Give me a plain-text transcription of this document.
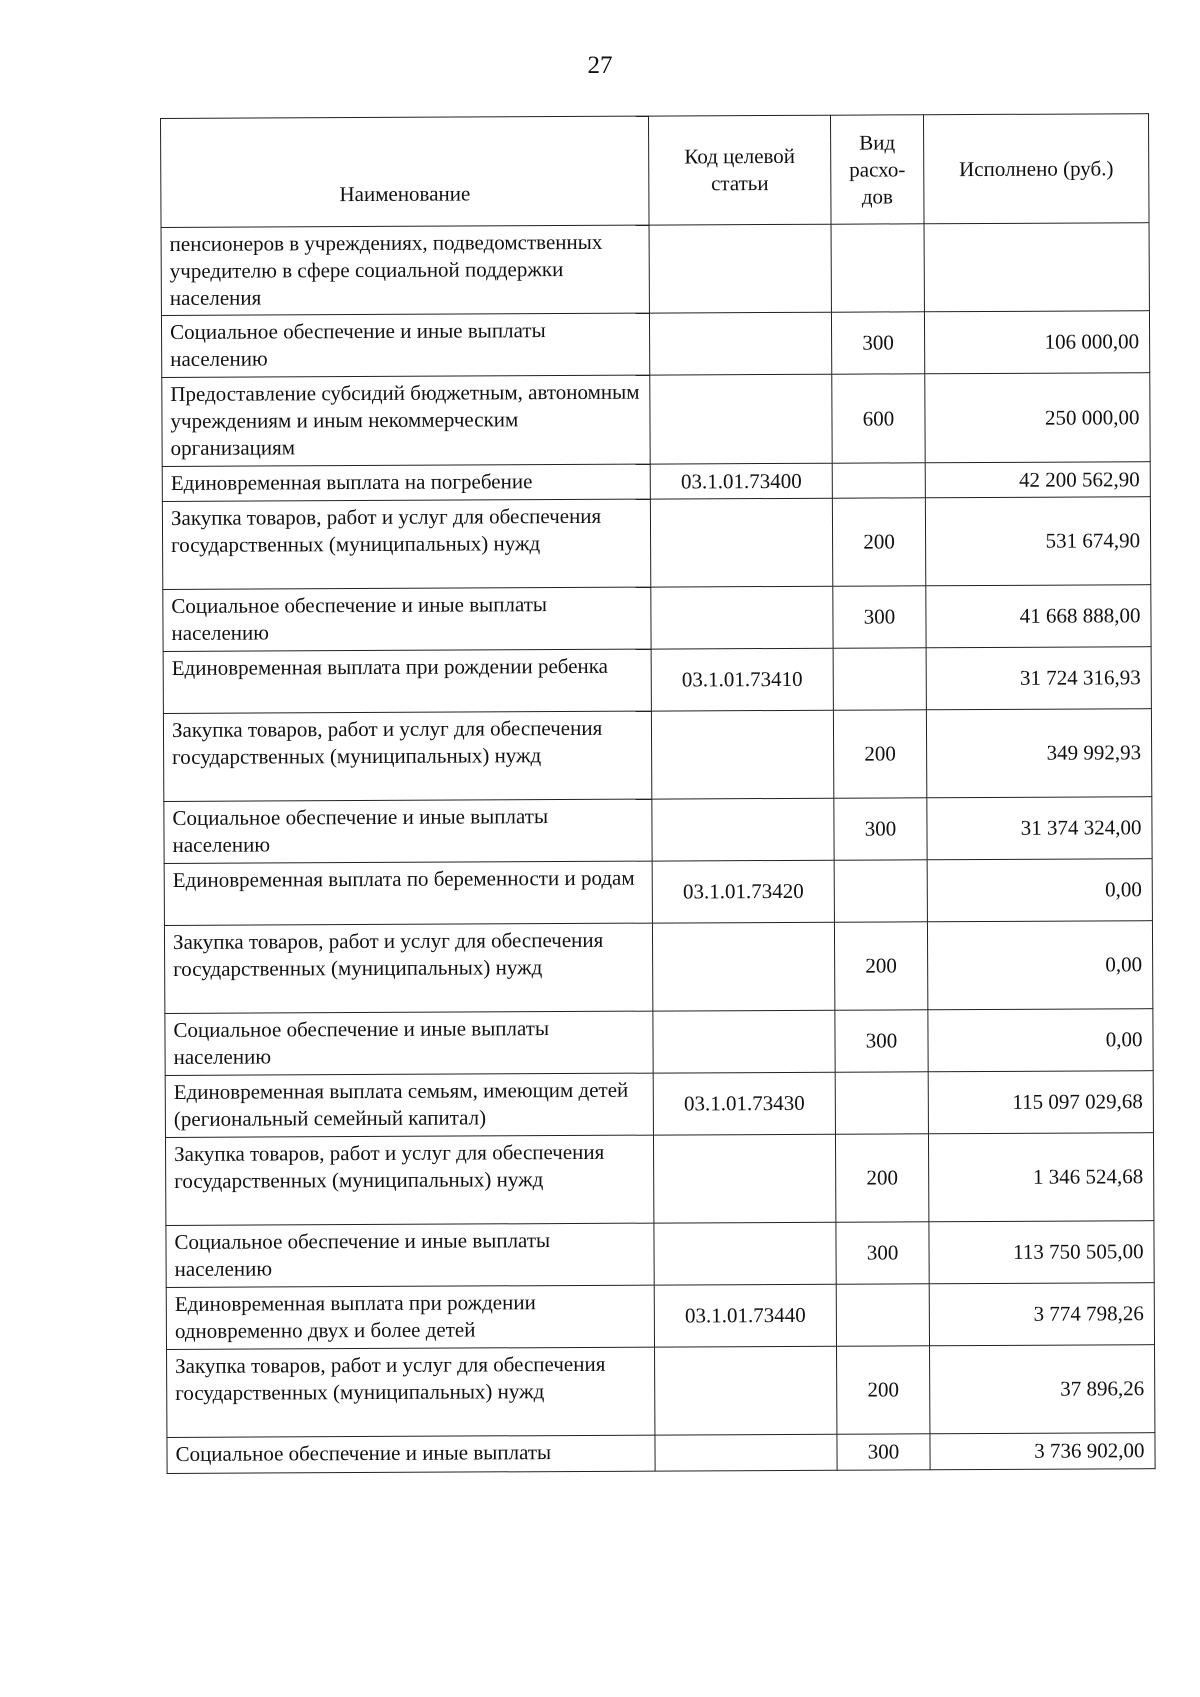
27
Наименование	Код целевой статьи	Вид расхо-дов	Исполнено (руб.)
пенсионеров в учреждениях, подведомственных учредителю в сфере социальной поддержки населения			
Социальное обеспечение и иные выплаты населению		300	106 000,00
Предоставление субсидий бюджетным, автономным учреждениям и иным некоммерческим организациям		600	250 000,00
Единовременная выплата на погребение	03.1.01.73400		42 200 562,90
Закупка товаров, работ и услуг для обеспечения государственных (муниципальных) нужд		200	531 674,90
Социальное обеспечение и иные выплаты населению		300	41 668 888,00
Единовременная выплата при рождении ребенка	03.1.01.73410		31 724 316,93
Закупка товаров, работ и услуг для обеспечения государственных (муниципальных) нужд		200	349 992,93
Социальное обеспечение и иные выплаты населению		300	31 374 324,00
Единовременная выплата по беременности и родам	03.1.01.73420		0,00
Закупка товаров, работ и услуг для обеспечения государственных (муниципальных) нужд		200	0,00
Социальное обеспечение и иные выплаты населению		300	0,00
Единовременная выплата семьям, имеющим детей (региональный семейный капитал)	03.1.01.73430		115 097 029,68
Закупка товаров, работ и услуг для обеспечения государственных (муниципальных) нужд		200	1 346 524,68
Социальное обеспечение и иные выплаты населению		300	113 750 505,00
Единовременная выплата при рождении одновременно двух и более детей	03.1.01.73440		3 774 798,26
Закупка товаров, работ и услуг для обеспечения государственных (муниципальных) нужд		200	37 896,26
Социальное обеспечение и иные выплаты		300	3 736 902,00
